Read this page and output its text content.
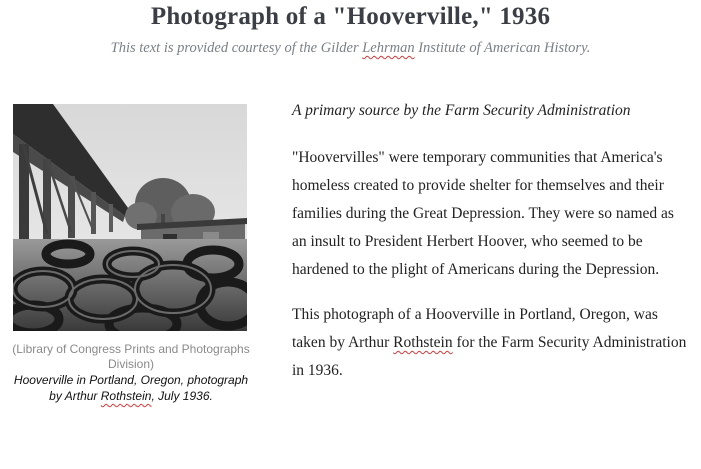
Photograph of a "Hooverville," 1936
This text is provided courtesy of the Gilder Lehrman Institute of American History.
(Library of Congress Prints and Photographs Division)
Hooverville in Portland, Oregon, photograph by Arthur Rothstein, July 1936.
A primary source by the Farm Security Administration

"Hoovervilles" were temporary communities that America's homeless created to provide shelter for themselves and their families during the Great Depression. They were so named as an insult to President Herbert Hoover, who seemed to be hardened to the plight of Americans during the Depression.

This photograph of a Hooverville in Portland, Oregon, was taken by Arthur Rothstein for the Farm Security Administration in 1936.
